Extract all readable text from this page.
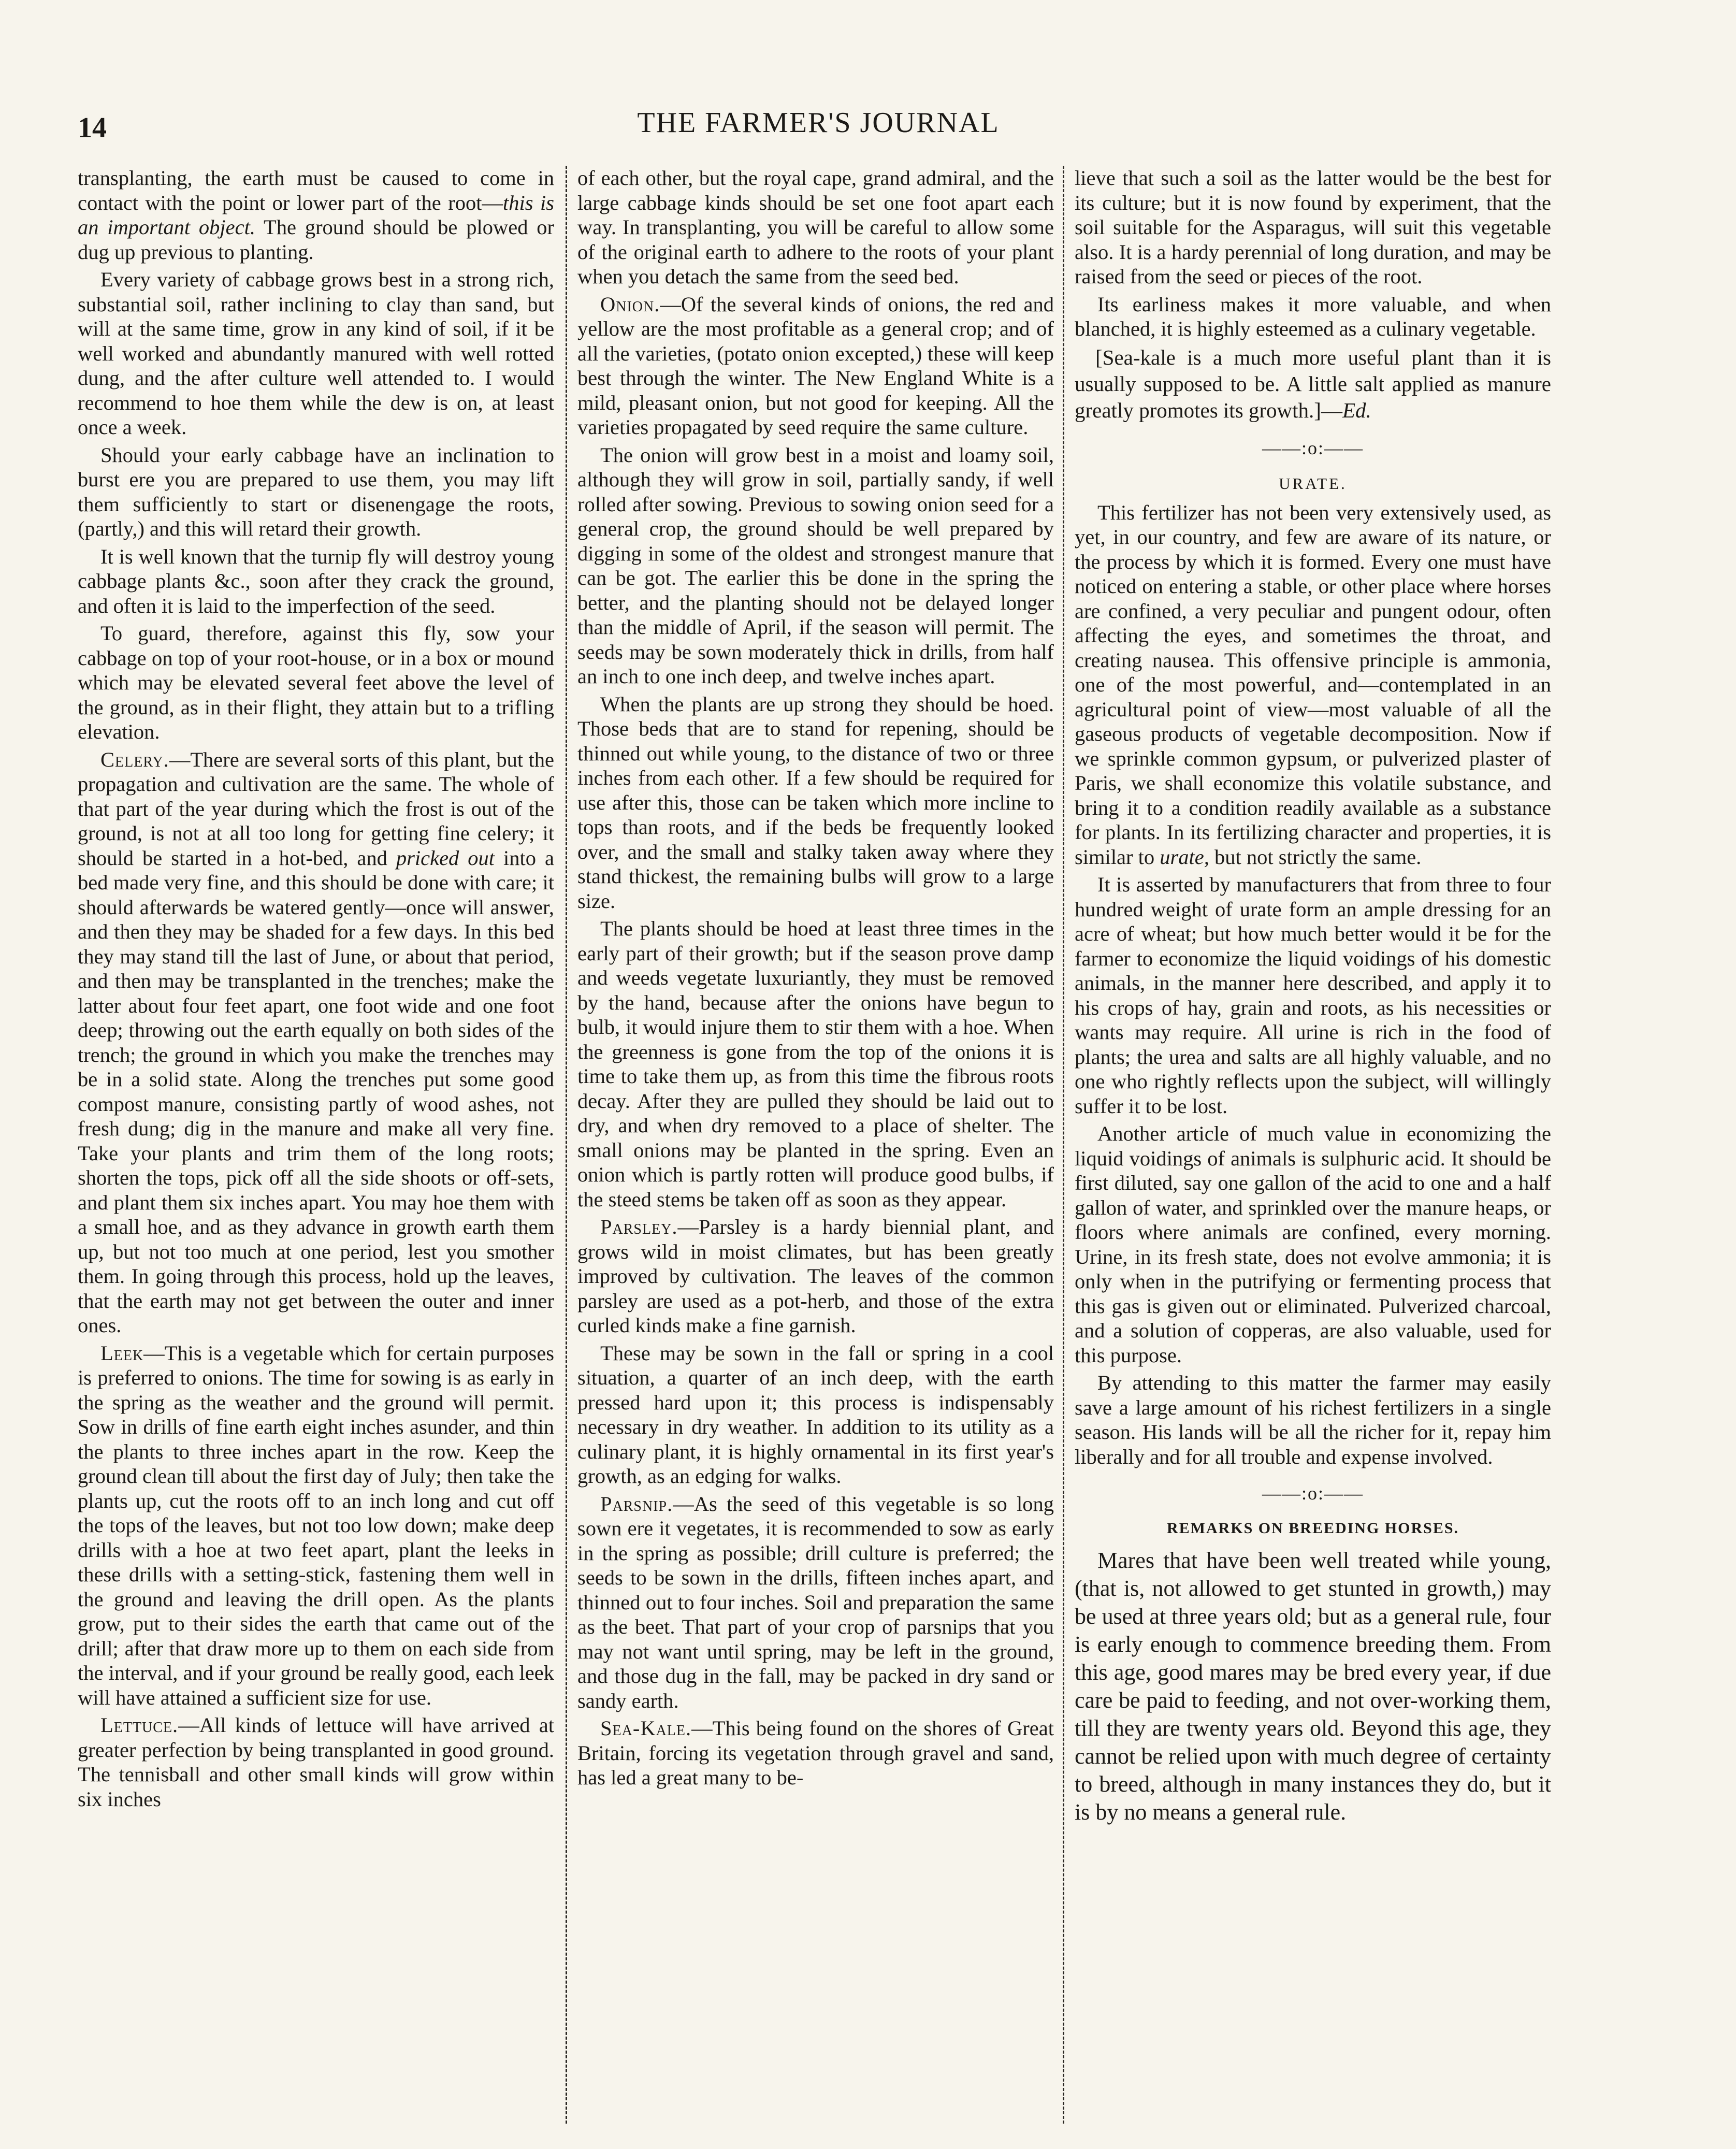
14	THE FARMER'S JOURNAL

transplanting, the earth must be caused to come in contact with the point or lower part of the root—this is an important object. The ground should be plowed or dug up previous to planting.

Every variety of cabbage grows best in a strong rich, substantial soil, rather inclining to clay than sand, but will at the same time, grow in any kind of soil, if it be well worked and abundantly manured with well rotted dung, and the after culture well attended to. I would recommend to hoe them while the dew is on, at least once a week.

Should your early cabbage have an inclination to burst ere you are prepared to use them, you may lift them sufficiently to start or disenengage the roots, (partly,) and this will retard their growth.

It is well known that the turnip fly will destroy young cabbage plants &c., soon after they crack the ground, and often it is laid to the imperfection of the seed.

To guard, therefore, against this fly, sow your cabbage on top of your root-house, or in a box or mound which may be elevated several feet above the level of the ground, as in their flight, they attain but to a trifling elevation.

Celery.—There are several sorts of this plant, but the propagation and cultivation are the same. The whole of that part of the year during which the frost is out of the ground, is not at all too long for getting fine celery; it should be started in a hot-bed, and pricked out into a bed made very fine, and this should be done with care; it should afterwards be watered gently—once will answer, and then they may be shaded for a few days. In this bed they may stand till the last of June, or about that period, and then may be transplanted in the trenches; make the latter about four feet apart, one foot wide and one foot deep; throwing out the earth equally on both sides of the trench; the ground in which you make the trenches may be in a solid state. Along the trenches put some good compost manure, consisting partly of wood ashes, not fresh dung; dig in the manure and make all very fine. Take your plants and trim them of the long roots; shorten the tops, pick off all the side shoots or off-sets, and plant them six inches apart. You may hoe them with a small hoe, and as they advance in growth earth them up, but not too much at one period, lest you smother them. In going through this process, hold up the leaves, that the earth may not get between the outer and inner ones.

Leek—This is a vegetable which for certain purposes is preferred to onions. The time for sowing is as early in the spring as the weather and the ground will permit. Sow in drills of fine earth eight inches asunder, and thin the plants to three inches apart in the row. Keep the ground clean till about the first day of July; then take the plants up, cut the roots off to an inch long and cut off the tops of the leaves, but not too low down; make deep drills with a hoe at two feet apart, plant the leeks in these drills with a setting-stick, fastening them well in the ground and leaving the drill open. As the plants grow, put to their sides the earth that came out of the drill; after that draw more up to them on each side from the interval, and if your ground be really good, each leek will have attained a sufficient size for use.

Lettuce.—All kinds of lettuce will have arrived at greater perfection by being transplanted in good ground. The tennisball and other small kinds will grow within six inches

of each other, but the royal cape, grand admiral, and the large cabbage kinds should be set one foot apart each way. In transplanting, you will be careful to allow some of the original earth to adhere to the roots of your plant when you detach the same from the seed bed.

Onion.—Of the several kinds of onions, the red and yellow are the most profitable as a general crop; and of all the varieties, (potato onion excepted,) these will keep best through the winter. The New England White is a mild, pleasant onion, but not good for keeping. All the varieties propagated by seed require the same culture.

The onion will grow best in a moist and loamy soil, although they will grow in soil, partially sandy, if well rolled after sowing. Previous to sowing onion seed for a general crop, the ground should be well prepared by digging in some of the oldest and strongest manure that can be got. The earlier this be done in the spring the better, and the planting should not be delayed longer than the middle of April, if the season will permit. The seeds may be sown moderately thick in drills, from half an inch to one inch deep, and twelve inches apart.

When the plants are up strong they should be hoed. Those beds that are to stand for repening, should be thinned out while young, to the distance of two or three inches from each other. If a few should be required for use after this, those can be taken which more incline to tops than roots, and if the beds be frequently looked over, and the small and stalky taken away where they stand thickest, the remaining bulbs will grow to a large size.

The plants should be hoed at least three times in the early part of their growth; but if the season prove damp and weeds vegetate luxuriantly, they must be removed by the hand, because after the onions have begun to bulb, it would injure them to stir them with a hoe. When the greenness is gone from the top of the onions it is time to take them up, as from this time the fibrous roots decay. After they are pulled they should be laid out to dry, and when dry removed to a place of shelter. The small onions may be planted in the spring. Even an onion which is partly rotten will produce good bulbs, if the steed stems be taken off as soon as they appear.

Parsley.—Parsley is a hardy biennial plant, and grows wild in moist climates, but has been greatly improved by cultivation. The leaves of the common parsley are used as a pot-herb, and those of the extra curled kinds make a fine garnish.

These may be sown in the fall or spring in a cool situation, a quarter of an inch deep, with the earth pressed hard upon it; this process is indispensably necessary in dry weather. In addition to its utility as a culinary plant, it is highly ornamental in its first year's growth, as an edging for walks.

Parsnip.—As the seed of this vegetable is so long sown ere it vegetates, it is recommended to sow as early in the spring as possible; drill culture is preferred; the seeds to be sown in the drills, fifteen inches apart, and thinned out to four inches. Soil and preparation the same as the beet. That part of your crop of parsnips that you may not want until spring, may be left in the ground, and those dug in the fall, may be packed in dry sand or sandy earth.

Sea-Kale.—This being found on the shores of Great Britain, forcing its vegetation through gravel and sand, has led a great many to be-

lieve that such a soil as the latter would be the best for its culture; but it is now found by experiment, that the soil suitable for the Asparagus, will suit this vegetable also. It is a hardy perennial of long duration, and may be raised from the seed or pieces of the root.

Its earliness makes it more valuable, and when blanched, it is highly esteemed as a culinary vegetable.

[Sea-kale is a much more useful plant than it is usually supposed to be. A little salt applied as manure greatly promotes its growth.]—Ed.

——:o:——
URATE.

This fertilizer has not been very extensively used, as yet, in our country, and few are aware of its nature, or the process by which it is formed. Every one must have noticed on entering a stable, or other place where horses are confined, a very peculiar and pungent odour, often affecting the eyes, and sometimes the throat, and creating nausea. This offensive principle is ammonia, one of the most powerful, and—contemplated in an agricultural point of view—most valuable of all the gaseous products of vegetable decomposition. Now if we sprinkle common gypsum, or pulverized plaster of Paris, we shall economize this volatile substance, and bring it to a condition readily available as a substance for plants. In its fertilizing character and properties, it is similar to urate, but not strictly the same.

It is asserted by manufacturers that from three to four hundred weight of urate form an ample dressing for an acre of wheat; but how much better would it be for the farmer to economize the liquid voidings of his domestic animals, in the manner here described, and apply it to his crops of hay, grain and roots, as his necessities or wants may require. All urine is rich in the food of plants; the urea and salts are all highly valuable, and no one who rightly reflects upon the subject, will willingly suffer it to be lost.

Another article of much value in economizing the liquid voidings of animals is sulphuric acid. It should be first diluted, say one gallon of the acid to one and a half gallon of water, and sprinkled over the manure heaps, or floors where animals are confined, every morning. Urine, in its fresh state, does not evolve ammonia; it is only when in the putrifying or fermenting process that this gas is given out or eliminated. Pulverized charcoal, and a solution of copperas, are also valuable, used for this purpose.

By attending to this matter the farmer may easily save a large amount of his richest fertilizers in a single season. His lands will be all the richer for it, repay him liberally and for all trouble and expense involved.

——:o:——
REMARKS ON BREEDING HORSES.

Mares that have been well treated while young, (that is, not allowed to get stunted in growth,) may be used at three years old; but as a general rule, four is early enough to commence breeding them. From this age, good mares may be bred every year, if due care be paid to feeding, and not over-working them, till they are twenty years old. Beyond this age, they cannot be relied upon with much degree of certainty to breed, although in many instances they do, but it is by no means a general rule.
